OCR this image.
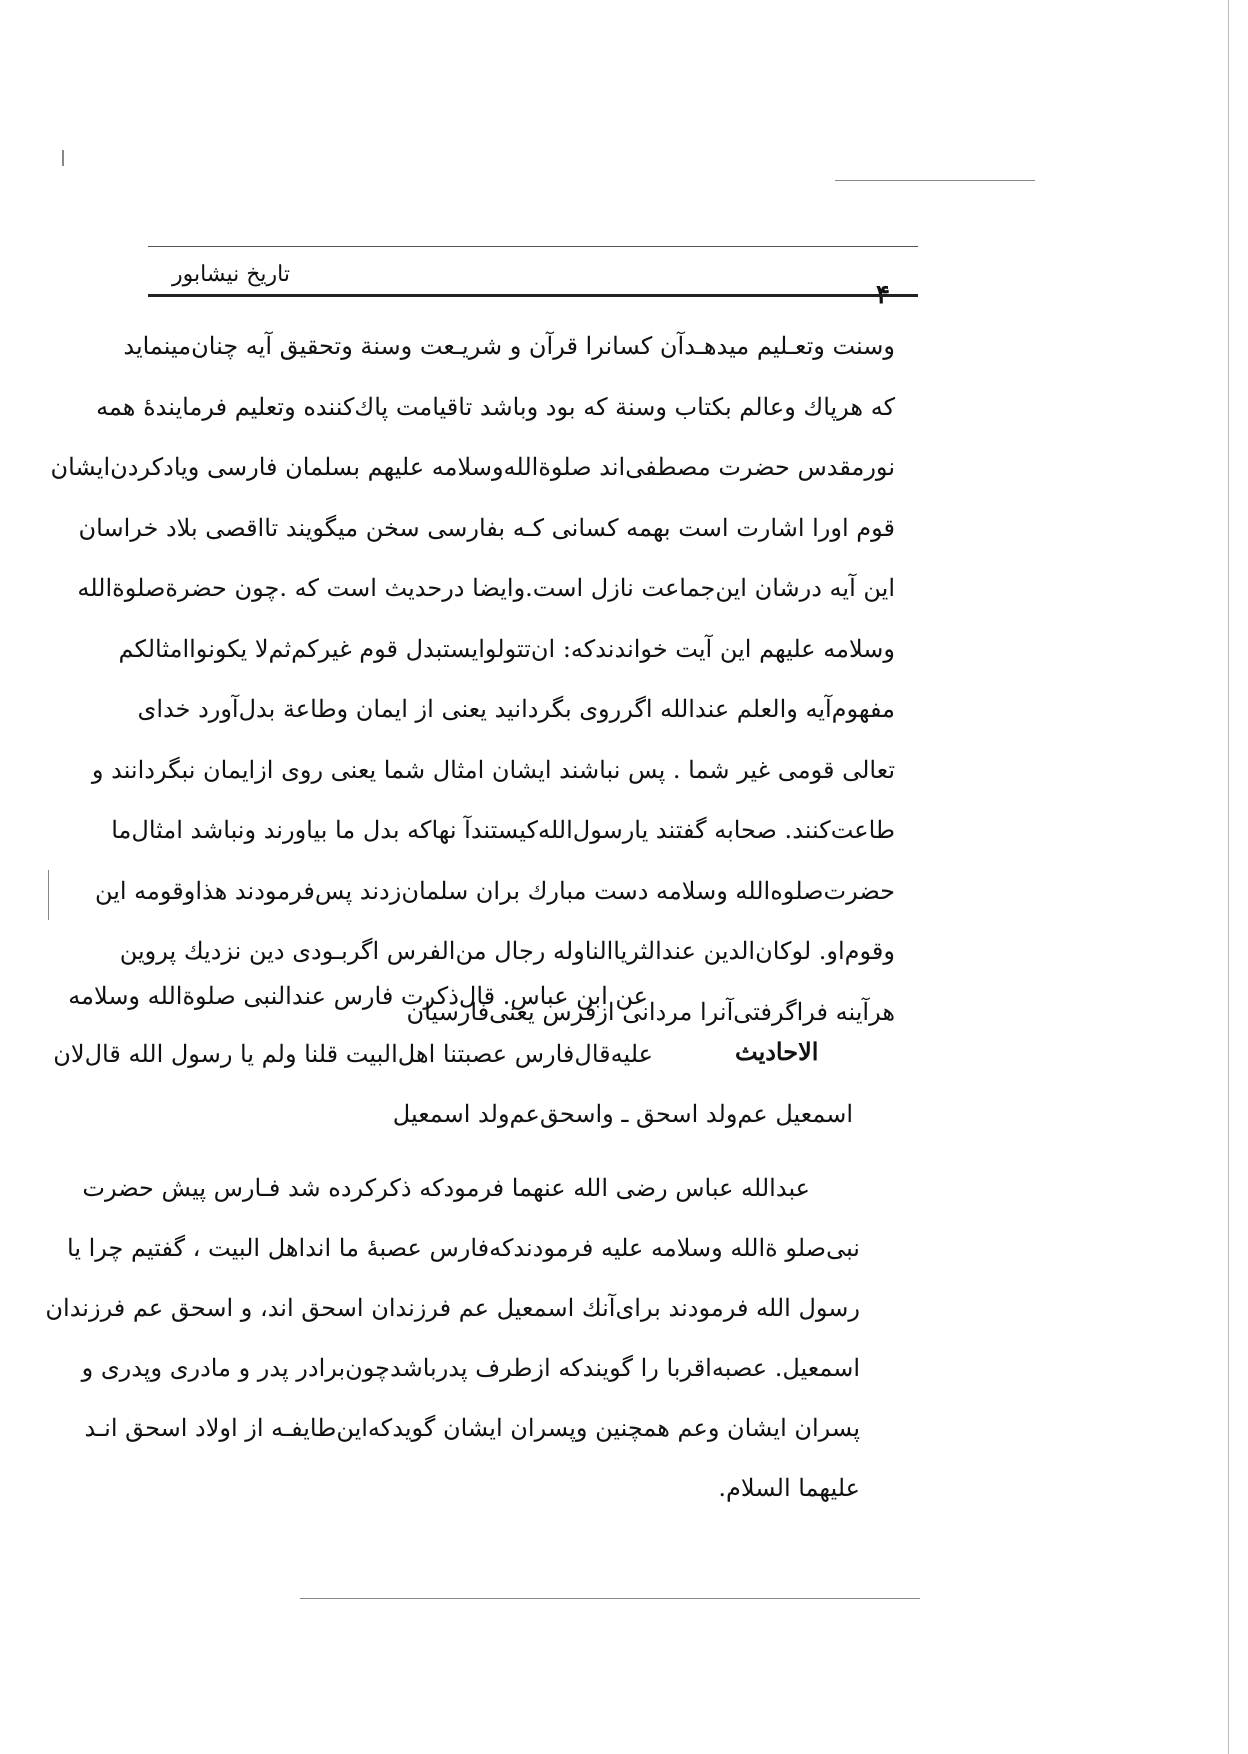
تاریخ نیشابور
وسنت وتعـلیم میدهـدآن کسانرا قرآن و شریـعت وسنة وتحقیق آیه چنان‌مینماید
که هرپاك وعالم بکتاب وسنة که بود وباشد تاقیامت پاك‌کننده وتعلیم فرمایندهٔ همه
نورمقدس حضرت مصطفی‌اند صلوةالله‌وسلامه علیهم بسلمان فارسی ویادکردن‌ایشان
قوم اورا اشارت است بهمه کسانی کـه بفارسی سخن میگویند تااقصی بلاد خراسان
این آیه درشان این‌جماعت نازل است.وایضا درحدیث است که .چون حضرةصلوةالله
وسلامه علیهم این آیت خواندندکه: ان‌تتولوایستبدل قوم غیرکم‌ثم‌لا یکونوا‌امثالکم
مفهوم‌آیه والعلم عندالله اگرروی بگردانید یعنی از ایمان وطاعة بدل‌آورد خدای
تعالی قومی غیر شما . پس نباشند ایشان امثال شما یعنی روی ازایمان نبگردانند و
طاعت‌کنند. صحابه گفتند یارسول‌الله‌کیستندآ نهاکه بدل ما بیاورند ونباشد امثال‌ما
حضرت‌صلوه‌الله وسلامه دست مبارك بران سلمان‌زدند پس‌فرمودند هذاوقومه این
وقوم‌او. لوکان‌الدین عندالثریاالناوله رجال من‌الفرس اگربـودی دین نزدیك پروین
هرآینه فراگرفتی‌آنرا مردانی ازفرس یعنی‌فارسیان
عن ابن عباس. قال‌ذکرت فارس عندالنبی صلوةالله وسلامه
الاحادیث
علیه‌قال‌فارس عصبتنا اهل‌البیت قلنا ولم یا رسول الله قال‌لان
اسمعیل عم‌ولد اسحق ـ واسحق‌عم‌ولد اسمعیل
عبدالله عباس رضی الله عنهما فرمودکه ذکرکرده شد فـارس پیش حضرت
نبی‌صلو ةالله وسلامه علیه فرمودندکه‌فارس عصبهٔ ما انداهل البیت ، گفتیم چرا یا
رسول الله فرمودند برای‌آنك اسمعیل عم فرزندان اسحق‌ اند، و اسحق عم فرزندان
اسمعیل. عصبه‌اقربا را گویندکه ازطرف پدرباشدچون‌برادر پدر و مادری وپدری و
پسران ایشان وعم همچنین وپسران ایشان گویدکه‌این‌طایفـه از اولاد اسحق انـد
علیهما السلام.
